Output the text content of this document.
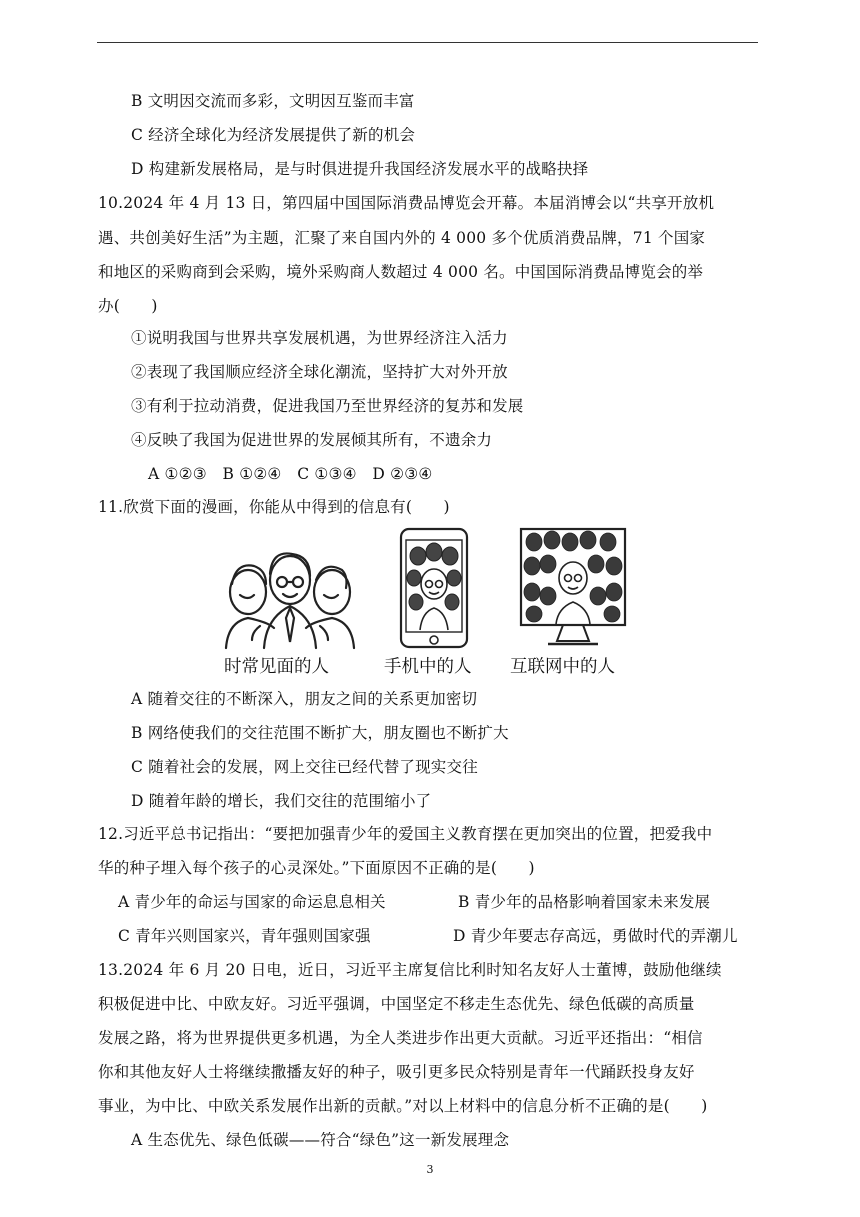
B 文明因交流而多彩，文明因互鉴而丰富
C 经济全球化为经济发展提供了新的机会
D 构建新发展格局，是与时俱进提升我国经济发展水平的战略抉择
10.2024 年 4 月 13 日，第四届中国国际消费品博览会开幕。本届消博会以“共享开放机
遇、共创美好生活”为主题，汇聚了来自国内外的 4 000 多个优质消费品牌，71 个国家
和地区的采购商到会采购，境外采购商人数超过 4 000 名。中国国际消费品博览会的举
办(　　)
①说明我国与世界共享发展机遇，为世界经济注入活力
②表现了我国顺应经济全球化潮流，坚持扩大对外开放
③有利于拉动消费，促进我国乃至世界经济的复苏和发展
④反映了我国为促进世界的发展倾其所有，不遗余力
A ①②③　B ①②④　C ①③④　D ②③④
11.欣赏下面的漫画，你能从中得到的信息有(　　)
时常见面的人	手机中的人 互联网中的人
A 随着交往的不断深入，朋友之间的关系更加密切
B 网络使我们的交往范围不断扩大，朋友圈也不断扩大
C 随着社会的发展，网上交往已经代替了现实交往
D 随着年龄的增长，我们交往的范围缩小了
12.习近平总书记指出：“要把加强青少年的爱国主义教育摆在更加突出的位置，把爱我中
华的种子埋入每个孩子的心灵深处。”下面原因不正确的是(　　)
A 青少年的命运与国家的命运息息相关	B 青少年的品格影响着国家未来发展
C 青年兴则国家兴，青年强则国家强	D 青少年要志存高远，勇做时代的弄潮儿
13.2024 年 6 月 20 日电，近日，习近平主席复信比利时知名友好人士董博，鼓励他继续
积极促进中比、中欧友好。习近平强调，中国坚定不移走生态优先、绿色低碳的高质量
发展之路，将为世界提供更多机遇，为全人类进步作出更大贡献。习近平还指出：“相信
你和其他友好人士将继续撒播友好的种子，吸引更多民众特别是青年一代踊跃投身友好
事业，为中比、中欧关系发展作出新的贡献。”对以上材料中的信息分析不正确的是(　　)
A 生态优先、绿色低碳——符合“绿色”这一新发展理念
3
